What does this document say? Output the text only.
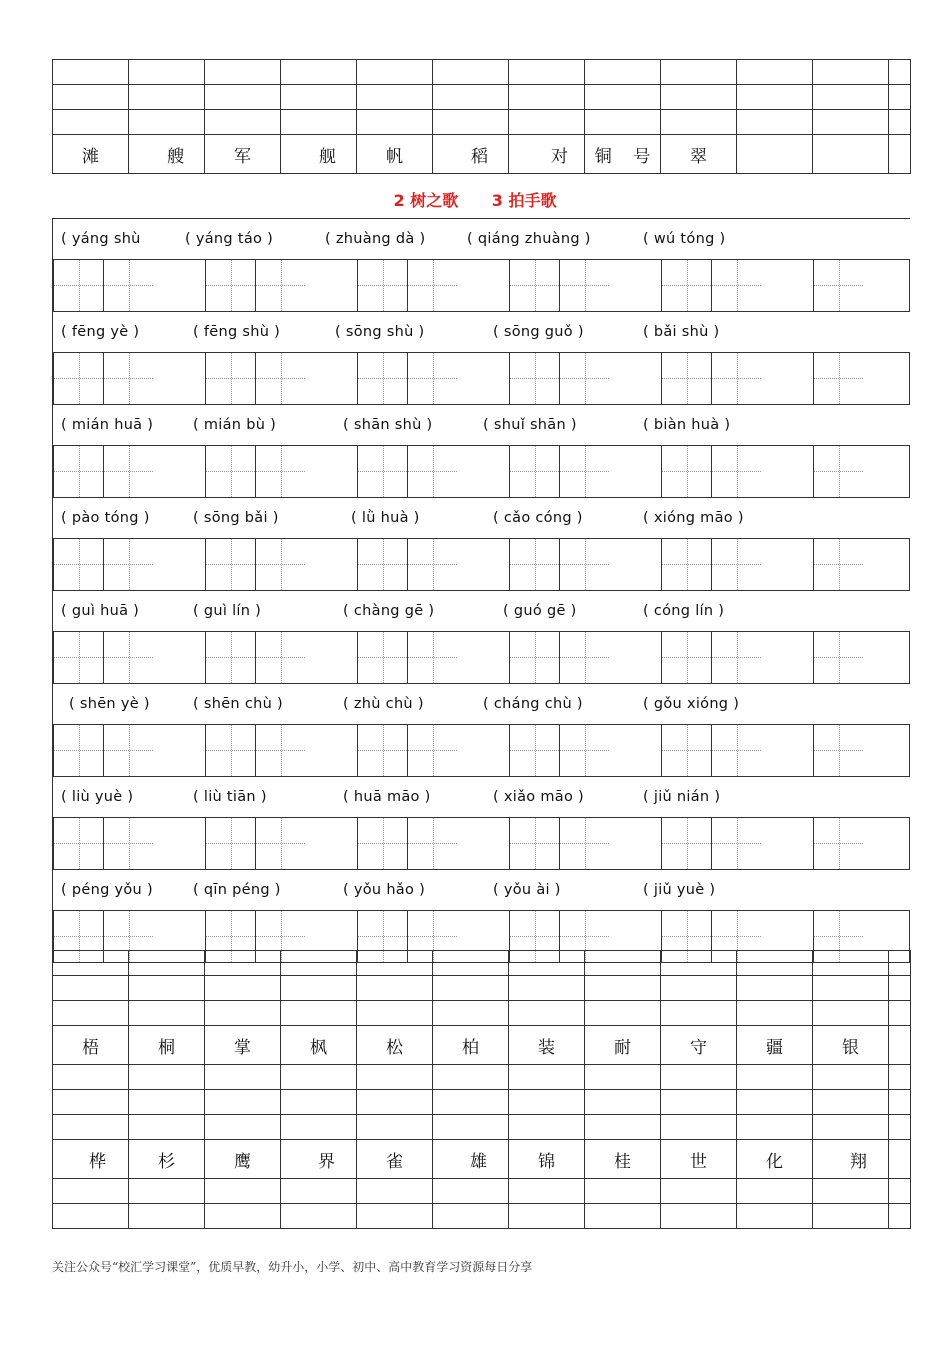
滩	艘	军	舰	帆	稻	对	铜 号	翠			
2 树之歌 3 拍手歌
( yáng shù	( yáng táo )	( zhuàng dà )	( qiáng zhuàng )	( wú tóng )
( fēng yè )	( fēng shù )	( sōng shù )	( sōng guǒ )	( bǎi shù )
( mián huā )	( mián bù )	( shān shù )	( shuǐ shān )	( biàn huà )
( pào tóng )	( sōng bǎi )	( lǜ huà )	( cǎo cóng )	( xióng māo )
( guì huā )	( guì lín )	( chàng gē )	( guó gē )	( cóng lín )
( shēn yè )	( shēn chù )	( zhù chù )	( cháng chù )	( gǒu xióng )
( liù yuè )	( liù tiān )	( huā māo )	( xiǎo māo )	( jiǔ nián )
( péng yǒu )	( qīn péng )	( yǒu hǎo )	( yǒu ài )	( jiǔ yuè )

梧	桐	掌	枫	松	柏	装	耐	守	疆	银	

桦	杉	鹰	界	雀	雄	锦	桂	世	化	翔	

关注公众号“校汇学习课堂”，优质早教，幼升小，小学、初中、高中教育学习资源每日分享
